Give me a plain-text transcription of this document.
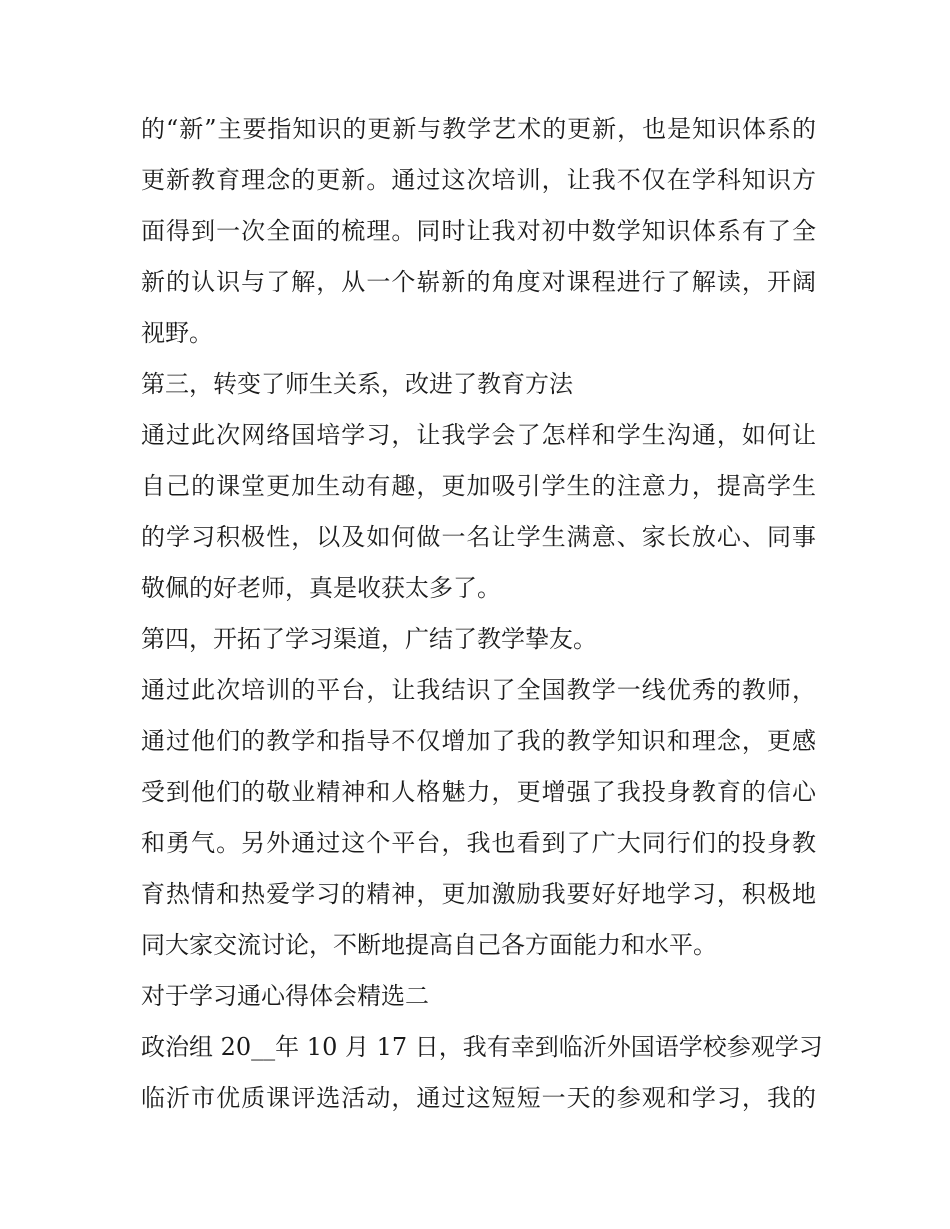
的“新”主要指知识的更新与教学艺术的更新，也是知识体系的
更新教育理念的更新。通过这次培训，让我不仅在学科知识方
面得到一次全面的梳理。同时让我对初中数学知识体系有了全
新的认识与了解，从一个崭新的角度对课程进行了解读，开阔
视野。
第三，转变了师生关系，改进了教育方法
通过此次网络国培学习，让我学会了怎样和学生沟通，如何让
自己的课堂更加生动有趣，更加吸引学生的注意力，提高学生
的学习积极性，以及如何做一名让学生满意、家长放心、同事
敬佩的好老师，真是收获太多了。
第四，开拓了学习渠道，广结了教学挚友。
通过此次培训的平台，让我结识了全国教学一线优秀的教师，
通过他们的教学和指导不仅增加了我的教学知识和理念，更感
受到他们的敬业精神和人格魅力，更增强了我投身教育的信心
和勇气。另外通过这个平台，我也看到了广大同行们的投身教
育热情和热爱学习的精神，更加激励我要好好地学习，积极地
同大家交流讨论，不断地提高自己各方面能力和水平。
对于学习通心得体会精选二
政治组 20__年 10 月 17 日，我有幸到临沂外国语学校参观学习
临沂市优质课评选活动，通过这短短一天的参观和学习，我的
